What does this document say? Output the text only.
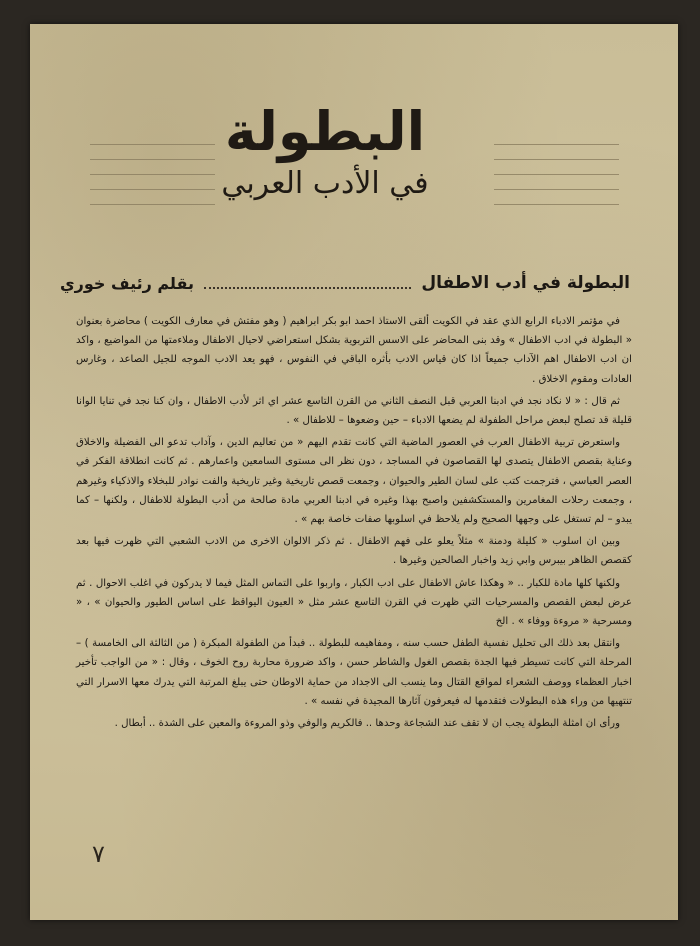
البطولة
في الأدب العربي
البطولة في أدب الاطفال
بقلم رئيف خوري

في مؤتمر الادباء الرابع الذي عقد في الكويت ألقى الاستاذ احمد ابو بكر ابراهيم ( وهو مفتش في معارف الكويت ) محاضرة بعنوان « البطولة في ادب الاطفال » وقد بنى المحاضر على الاسس التربوية بشكل استعراضي لاحيال الاطفال وملاءمتها من المواضيع ، واكد ان ادب الاطفال اهم الآداب جميعاً اذا كان قياس الادب بأثره الباقي في النفوس ، فهو يعد الادب الموجه للجيل الصاعد ، وغارس العادات ومقوم الاخلاق .

ثم قال : « لا نكاد نجد في ادبنا العربي قبل النصف الثاني من القرن التاسع عشر اي اثر لأدب الاطفال ، وان كنا نجد في تنايا الوانا قليلة قد تصلح لبعض مراحل الطفولة لم يضعها الادباء – حين وضعوها – للاطفال » .

واستعرض تربية الاطفال العرب في العصور الماضية التي كانت تقدم اليهم « من تعاليم الدين ، وآداب تدعو الى الفضيلة والاخلاق وعناية بقصص الاطفال يتصدى لها القصاصون في المساجد ، دون نظر الى مستوى السامعين واعمارهم . ثم كانت انطلاقة الفكر في العصر العباسي ، فترجمت كتب على لسان الطير والحيوان ، وجمعت قصص تاريخية وغير تاريخية والفت نوادر للبخلاء والاذكياء وغيرهم ، وجمعت رحلات المغامرين والمستكشفين واصبح بهذا وغيره في ادبنا العربي مادة صالحة من أدب البطولة للاطفال ، ولكنها – كما يبدو – لم تستغل على وجهها الصحيح ولم يلاحظ في اسلوبها صفات خاصة بهم » .

وبين ان اسلوب « كليلة ودمنة » مثلاً يعلو على فهم الاطفال . ثم ذكر الالوان الاخرى من الادب الشعبي التي ظهرت فيها بعد كقصص الظاهر بيبرس وابي زيد واخبار الصالحين وغيرها .

ولكنها كلها مادة للكبار .. « وهكذا عاش الاطفال على ادب الكبار ، واربوا على التماس المثل فيما لا يدركون في اغلب الاحوال . ثم عرض لبعض القصص والمسرحيات التي ظهرت في القرن التاسع عشر مثل « العيون اليواقظ على اساس الطيور والحيوان » ، « ومسرحية « مروءة ووفاء » . الخ

وانتقل بعد ذلك الى تحليل نفسية الطفل حسب سنه ، ومفاهيمه للبطولة .. فبدأ من الطفولة المبكرة ( من الثالثة الى الخامسة ) – المرحلة التي كانت تسيطر فيها الجدة بقصص الغول والشاطر حسن ، واكد ضرورة محاربة روح الخوف ، وقال : « من الواجب تأخير اخبار العظماء ووصف الشعراء لمواقع القتال وما ينسب الى الاجداد من حماية الاوطان حتى يبلغ المرتبة التي يدرك معها الاسرار التي تنتهيها من وراء هذه البطولات فتقدمها له فيعرفون آثارها المجيدة في نفسه » .

ورأى ان امثلة البطولة يجب ان لا تقف عند الشجاعة وحدها .. فالكريم والوفي وذو المروءة والمعين على الشدة .. أبطال .

٧
